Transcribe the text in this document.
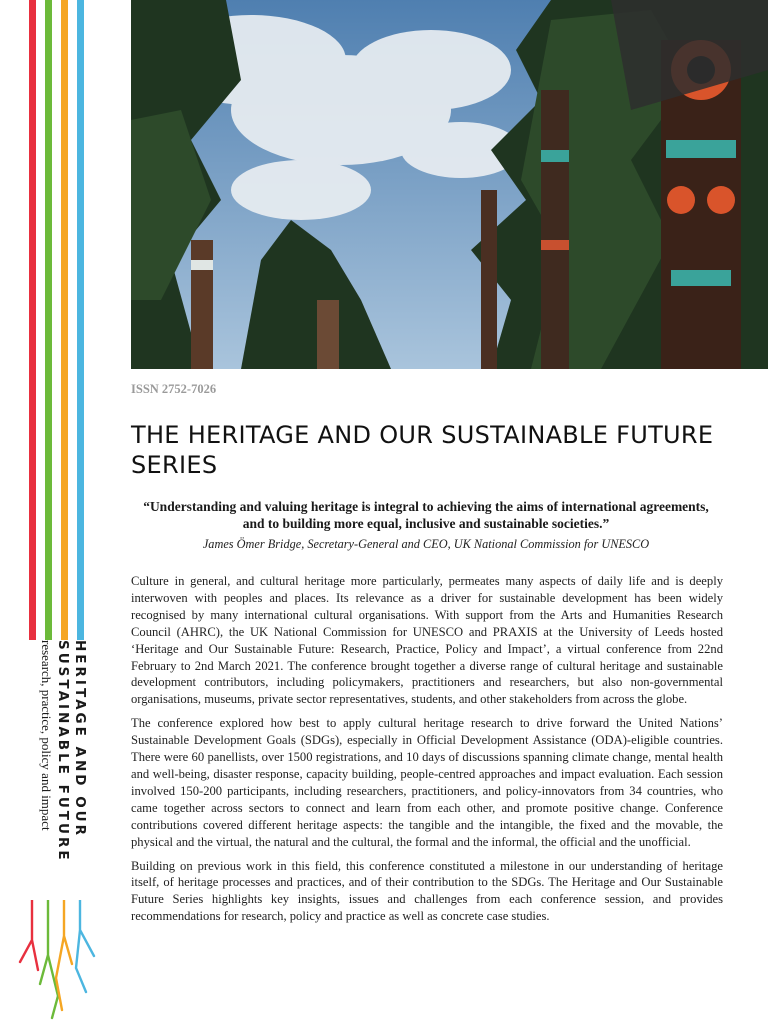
HERITAGE AND OUR
SUSTAINABLE FUTURE
research, practice, policy and impact
ISSN 2752-7026
THE HERITAGE AND OUR SUSTAINABLE FUTURE SERIES
“Understanding and valuing heritage is integral to achieving the aims of international agreements, and to building more equal, inclusive and sustainable societies.”
James Ömer Bridge, Secretary-General and CEO, UK National Commission for UNESCO

Culture in general, and cultural heritage more particularly, permeates many aspects of daily life and is deeply interwoven with peoples and places. Its relevance as a driver for sustainable development has been widely recognised by many international cultural organisations. With support from the Arts and Humanities Research Council (AHRC), the UK National Commission for UNESCO and PRAXIS at the University of Leeds hosted ‘Heritage and Our Sustainable Future: Research, Practice, Policy and Impact’, a virtual conference from 22nd February to 2nd March 2021. The conference brought together a diverse range of cultural heritage and sustainable development contributors, including policymakers, practitioners and researchers, but also non-governmental organisations, museums, private sector representatives, students, and other stakeholders from across the globe.

The conference explored how best to apply cultural heritage research to drive forward the United Nations’ Sustainable Development Goals (SDGs), especially in Official Development Assistance (ODA)-eligible countries. There were 60 panellists, over 1500 registrations, and 10 days of discussions spanning climate change, mental health and well-being, disaster response, capacity building, people-centred approaches and impact evaluation. Each session involved 150-200 participants, including researchers, practitioners, and policy-innovators from 34 countries, who came together across sectors to connect and learn from each other, and promote positive change. Conference contributions covered different heritage aspects: the tangible and the intangible, the fixed and the movable, the physical and the virtual, the natural and the cultural, the formal and the informal, the official and the unofficial.

Building on previous work in this field, this conference constituted a milestone in our understanding of heritage itself, of heritage processes and practices, and of their contribution to the SDGs. The Heritage and Our Sustainable Future Series highlights key insights, issues and challenges from each conference session, and provides recommendations for research, policy and practice as well as concrete case studies.
